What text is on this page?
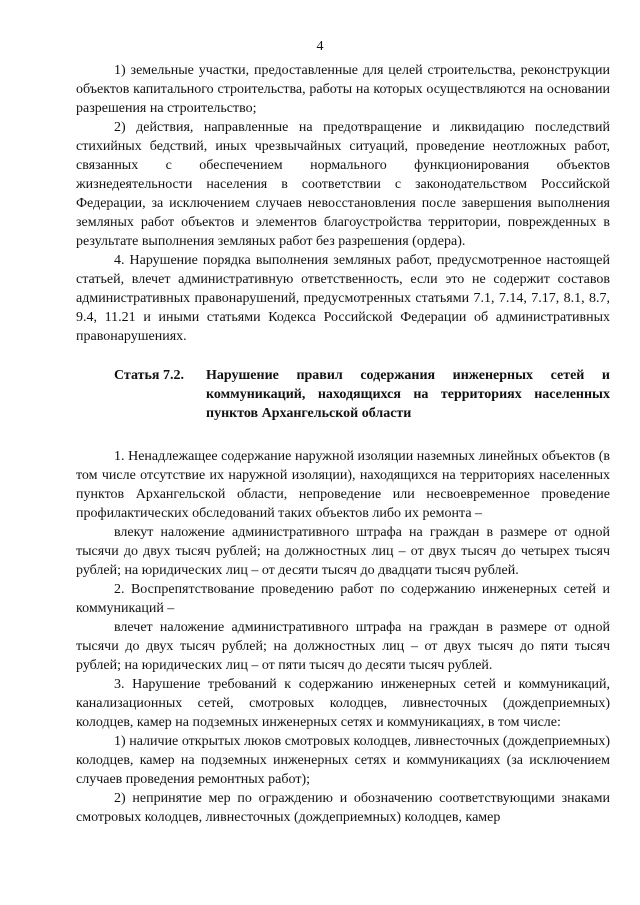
4

1) земельные участки, предоставленные для целей строительства, реконструкции объектов капитального строительства, работы на которых осуществляются на основании разрешения на строительство;

2) действия, направленные на предотвращение и ликвидацию последствий стихийных бедствий, иных чрезвычайных ситуаций, проведение неотложных работ, связанных с обеспечением нормального функционирования объектов жизнедеятельности населения в соответствии с законодательством Российской Федерации, за исключением случаев невосстановления после завершения выполнения земляных работ объектов и элементов благоустройства территории, поврежденных в результате выполнения земляных работ без разрешения (ордера).

4. Нарушение порядка выполнения земляных работ, предусмотренное настоящей статьей, влечет административную ответственность, если это не содержит составов административных правонарушений, предусмотренных статьями 7.1, 7.14, 7.17, 8.1, 8.7, 9.4, 11.21 и иными статьями Кодекса Российской Федерации об административных правонарушениях.

Статья 7.2.	Нарушение правил содержания инженерных сетей и коммуникаций, находящихся на территориях населенных пунктов Архангельской области

1. Ненадлежащее содержание наружной изоляции наземных линейных объектов (в том числе отсутствие их наружной изоляции), находящихся на территориях населенных пунктов Архангельской области, непроведение или несвоевременное проведение профилактических обследований таких объектов либо их ремонта –

влекут наложение административного штрафа на граждан в размере от одной тысячи до двух тысяч рублей; на должностных лиц – от двух тысяч до четырех тысяч рублей; на юридических лиц – от десяти тысяч до двадцати тысяч рублей.

2. Воспрепятствование проведению работ по содержанию инженерных сетей и коммуникаций –

влечет наложение административного штрафа на граждан в размере от одной тысячи до двух тысяч рублей; на должностных лиц – от двух тысяч до пяти тысяч рублей; на юридических лиц – от пяти тысяч до десяти тысяч рублей.

3. Нарушение требований к содержанию инженерных сетей и коммуникаций, канализационных сетей, смотровых колодцев, ливнесточных (дождеприемных) колодцев, камер на подземных инженерных сетях и коммуникациях, в том числе:

1) наличие открытых люков смотровых колодцев, ливнесточных (дождеприемных) колодцев, камер на подземных инженерных сетях и коммуникациях (за исключением случаев проведения ремонтных работ);

2) непринятие мер по ограждению и обозначению соответствующими знаками смотровых колодцев, ливнесточных (дождеприемных) колодцев, камер
